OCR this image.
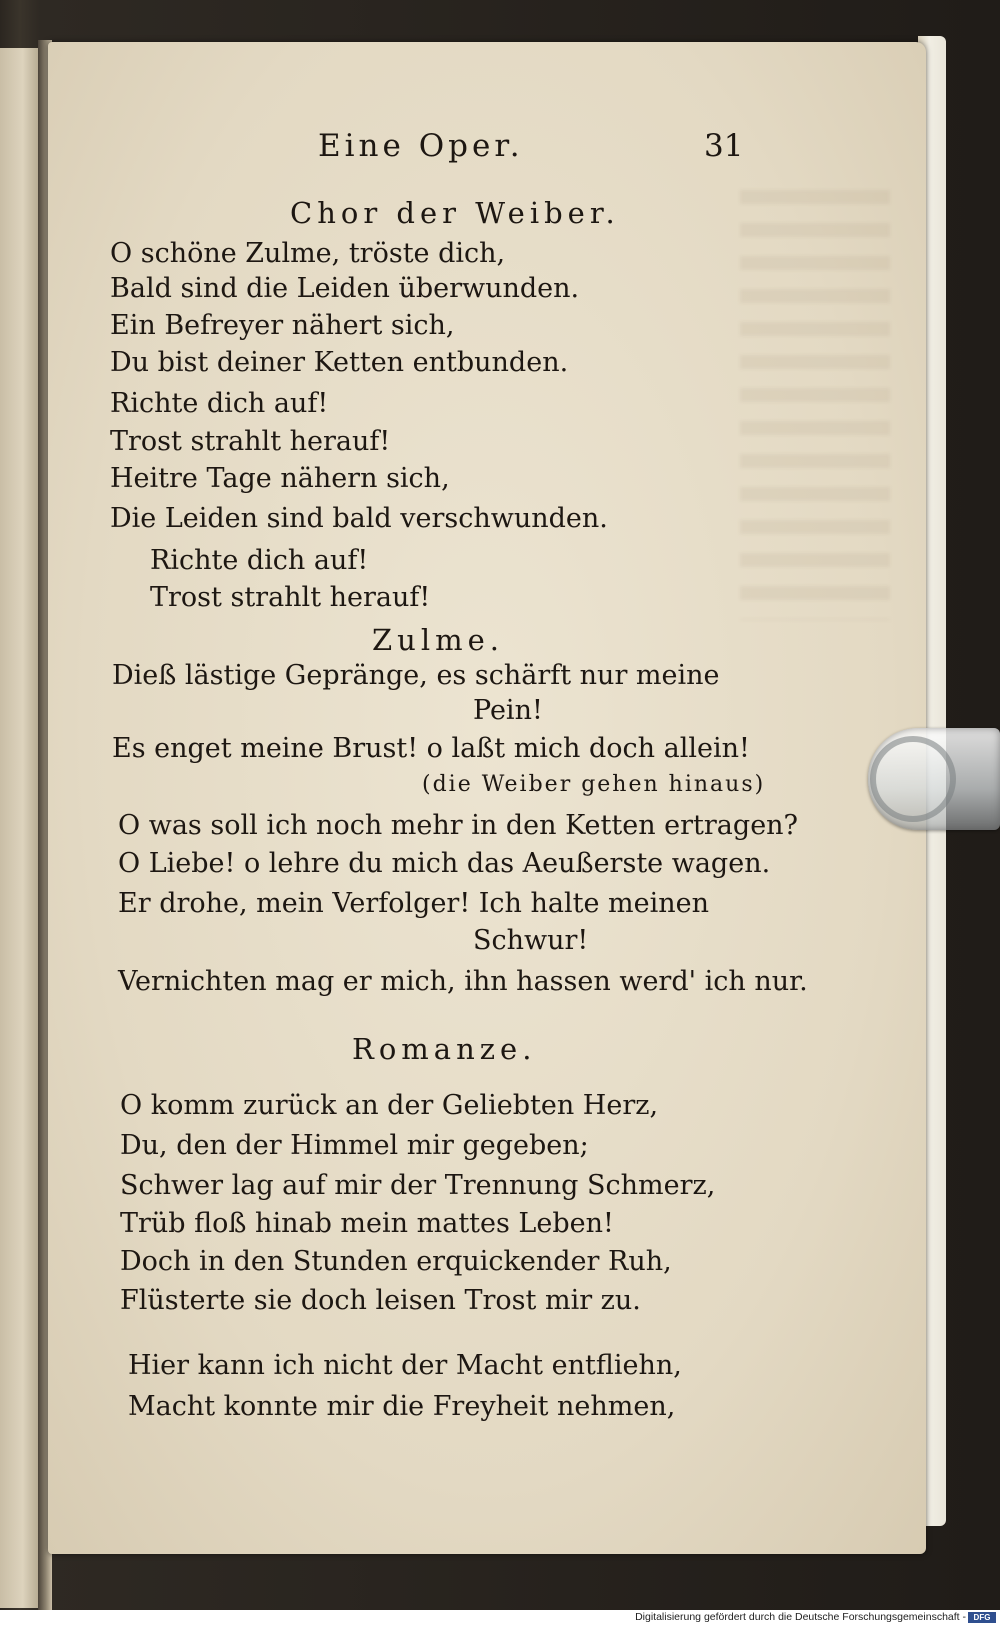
Eine Oper.	31
Chor der Weiber.
O schöne Zulme, tröste dich,
Bald sind die Leiden überwunden.
Ein Befreyer nähert sich,
Du bist deiner Ketten entbunden.
Richte dich auf!
Trost strahlt herauf!
Heitre Tage nähern sich,
Die Leiden sind bald verschwunden.
Richte dich auf!
Trost strahlt herauf!
Zulme.
Dieß lästige Gepränge, es schärft nur meine
Pein!
Es enget meine Brust! o laßt mich doch allein!
(die Weiber gehen hinaus)
O was soll ich noch mehr in den Ketten ertragen?
O Liebe! o lehre du mich das Aeußerste wagen.
Er drohe, mein Verfolger! Ich halte meinen
Schwur!
Vernichten mag er mich, ihn hassen werd' ich nur.
Romanze.
O komm zurück an der Geliebten Herz,
Du, den der Himmel mir gegeben;
Schwer lag auf mir der Trennung Schmerz,
Trüb floß hinab mein mattes Leben!
Doch in den Stunden erquickender Ruh,
Flüsterte sie doch leisen Trost mir zu.
Hier kann ich nicht der Macht entfliehn,
Macht konnte mir die Freyheit nehmen,
Digitalisierung gefördert durch die Deutsche Forschungsgemeinschaft - DFG
